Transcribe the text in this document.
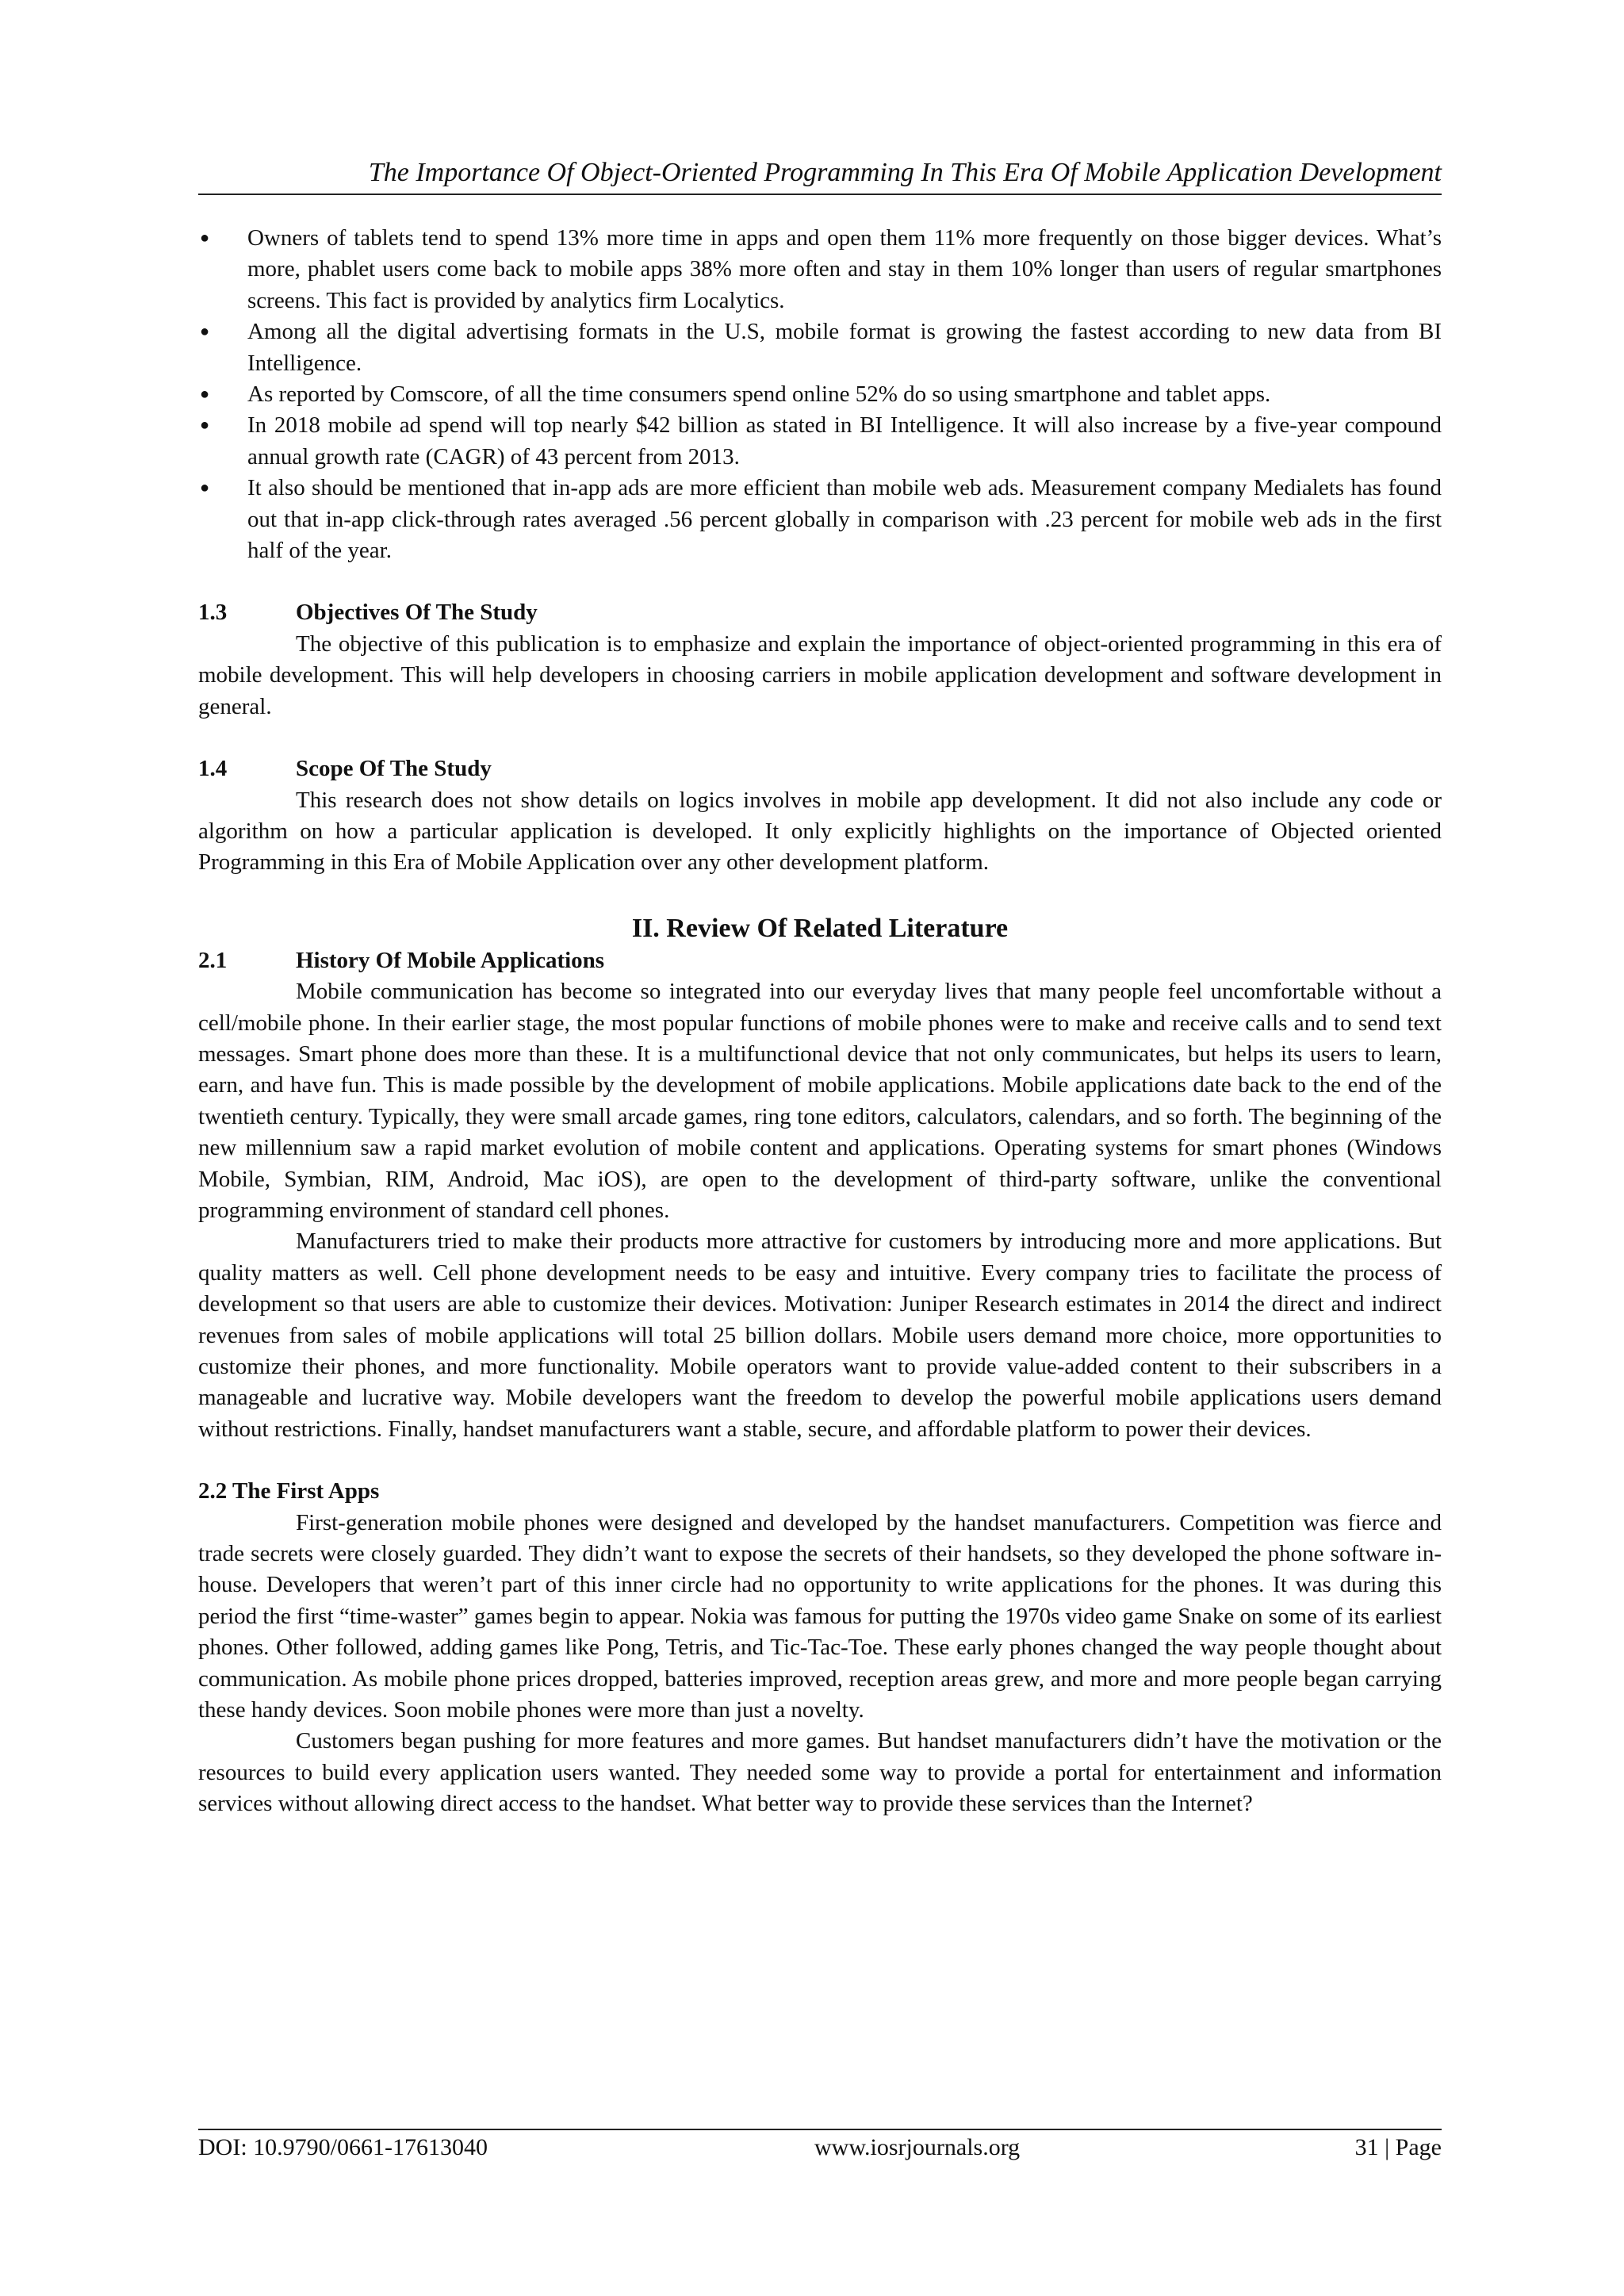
The Importance Of Object-Oriented Programming In This Era Of Mobile Application Development
● Owners of tablets tend to spend 13% more time in apps and open them 11% more frequently on those bigger devices. What’s more, phablet users come back to mobile apps 38% more often and stay in them 10% longer than users of regular smartphones screens. This fact is provided by analytics firm Localytics.
● Among all the digital advertising formats in the U.S, mobile format is growing the fastest according to new data from BI Intelligence.
● As reported by Comscore, of all the time consumers spend online 52% do so using smartphone and tablet apps.
● In 2018 mobile ad spend will top nearly $42 billion as stated in BI Intelligence. It will also increase by a five-year compound annual growth rate (CAGR) of 43 percent from 2013.
● It also should be mentioned that in-app ads are more efficient than mobile web ads. Measurement company Medialets has found out that in-app click-through rates averaged .56 percent globally in comparison with .23 percent for mobile web ads in the first half of the year.

1.3	Objectives Of The Study

The objective of this publication is to emphasize and explain the importance of object-oriented programming in this era of mobile development. This will help developers in choosing carriers in mobile application development and software development in general.

1.4	Scope Of The Study

This research does not show details on logics involves in mobile app development. It did not also include any code or algorithm on how a particular application is developed. It only explicitly highlights on the importance of Objected oriented Programming in this Era of Mobile Application over any other development platform.

II. Review Of Related Literature

2.1	History Of Mobile Applications

Mobile communication has become so integrated into our everyday lives that many people feel uncomfortable without a cell/mobile phone. In their earlier stage, the most popular functions of mobile phones were to make and receive calls and to send text messages. Smart phone does more than these. It is a multifunctional device that not only communicates, but helps its users to learn, earn, and have fun. This is made possible by the development of mobile applications. Mobile applications date back to the end of the twentieth century. Typically, they were small arcade games, ring tone editors, calculators, calendars, and so forth. The beginning of the new millennium saw a rapid market evolution of mobile content and applications. Operating systems for smart phones (Windows Mobile, Symbian, RIM, Android, Mac iOS), are open to the development of third-party software, unlike the conventional programming environment of standard cell phones.

Manufacturers tried to make their products more attractive for customers by introducing more and more applications. But quality matters as well. Cell phone development needs to be easy and intuitive. Every company tries to facilitate the process of development so that users are able to customize their devices. Motivation: Juniper Research estimates in 2014 the direct and indirect revenues from sales of mobile applications will total 25 billion dollars. Mobile users demand more choice, more opportunities to customize their phones, and more functionality. Mobile operators want to provide value-added content to their subscribers in a manageable and lucrative way. Mobile developers want the freedom to develop the powerful mobile applications users demand without restrictions. Finally, handset manufacturers want a stable, secure, and affordable platform to power their devices.

2.2 The First Apps

First-generation mobile phones were designed and developed by the handset manufacturers. Competition was fierce and trade secrets were closely guarded. They didn’t want to expose the secrets of their handsets, so they developed the phone software in-house. Developers that weren’t part of this inner circle had no opportunity to write applications for the phones. It was during this period the first “time-waster” games begin to appear. Nokia was famous for putting the 1970s video game Snake on some of its earliest phones. Other followed, adding games like Pong, Tetris, and Tic-Tac-Toe. These early phones changed the way people thought about communication. As mobile phone prices dropped, batteries improved, reception areas grew, and more and more people began carrying these handy devices. Soon mobile phones were more than just a novelty.

Customers began pushing for more features and more games. But handset manufacturers didn’t have the motivation or the resources to build every application users wanted. They needed some way to provide a portal for entertainment and information services without allowing direct access to the handset. What better way to provide these services than the Internet?

DOI: 10.9790/0661-17613040	www.iosrjournals.org	31 | Page
